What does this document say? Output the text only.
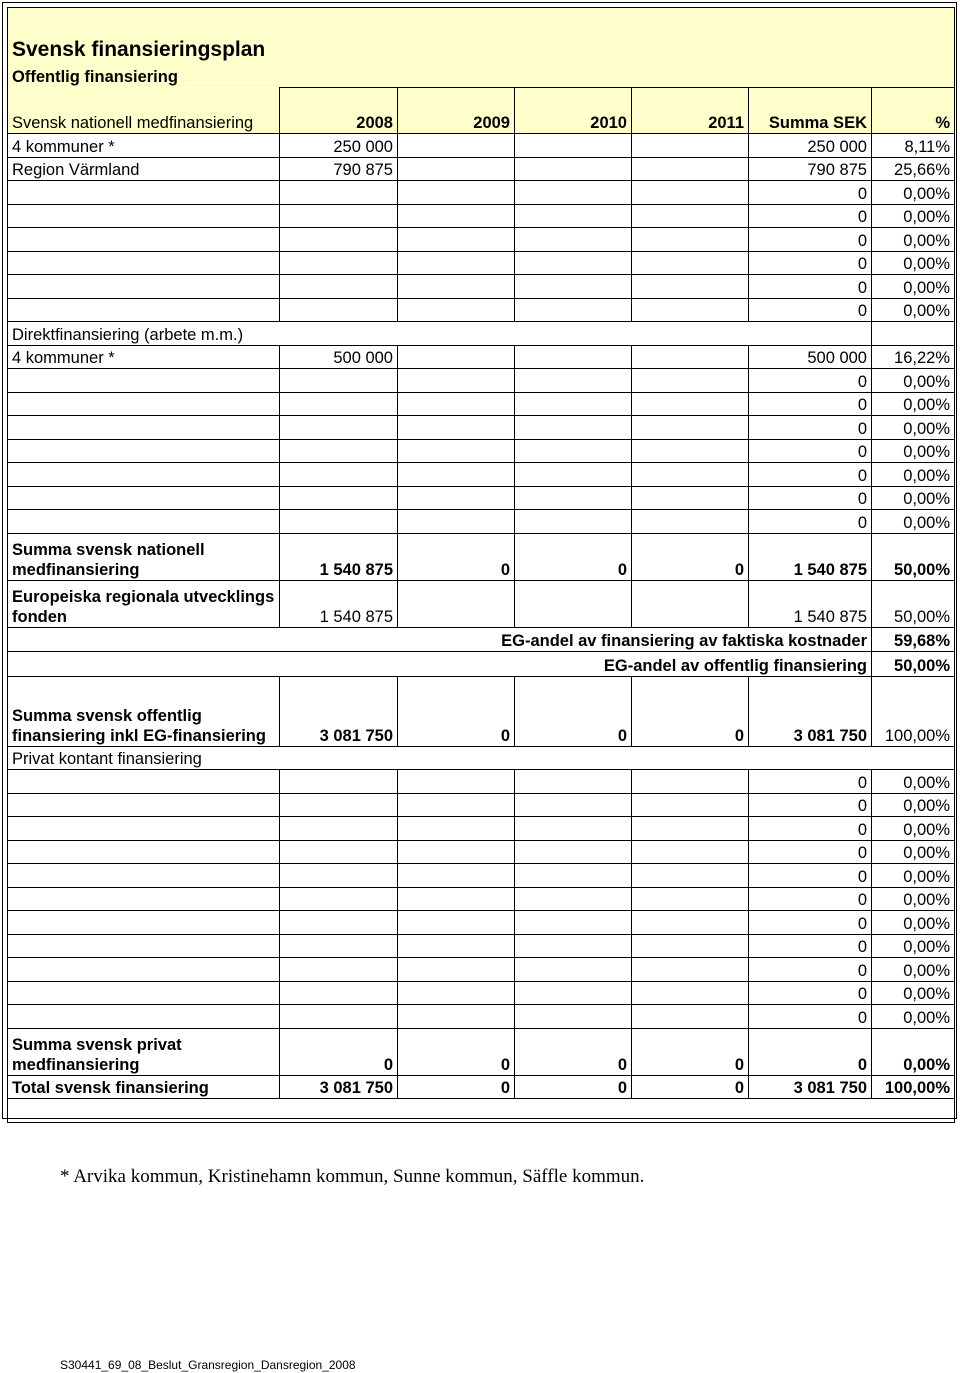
Svensk finansieringsplan						
Offentlig finansiering						
Svensk nationell medfinansiering	2008	2009	2010	2011	Summa SEK	%
4 kommuner *	250 000				250 000	8,11%
Region Värmland	790 875				790 875	25,66%
					0	0,00%
					0	0,00%
					0	0,00%
					0	0,00%
					0	0,00%
					0	0,00%
Direktfinansiering (arbete m.m.)						
4 kommuner *	500 000				500 000	16,22%
					0	0,00%
					0	0,00%
					0	0,00%
					0	0,00%
					0	0,00%
					0	0,00%
					0	0,00%
Summa svensk nationell medfinansiering	1 540 875	0	0	0	1 540 875	50,00%
Europeiska regionala utvecklings fonden	1 540 875				1 540 875	50,00%
EG-andel av finansiering av faktiska kostnader						59,68%
EG-andel av offentlig finansiering						50,00%
Summa svensk offentlig finansiering inkl EG-finansiering	3 081 750	0	0	0	3 081 750	100,00%
Privat kontant finansiering						
					0	0,00%
					0	0,00%
					0	0,00%
					0	0,00%
					0	0,00%
					0	0,00%
					0	0,00%
					0	0,00%
					0	0,00%
					0	0,00%
					0	0,00%
Summa svensk privat medfinansiering	0	0	0	0	0	0,00%
Total svensk finansiering	3 081 750	0	0	0	3 081 750	100,00%

* Arvika kommun, Kristinehamn kommun, Sunne kommun, Säffle kommun.
S30441_69_08_Beslut_Gransregion_Dansregion_2008
